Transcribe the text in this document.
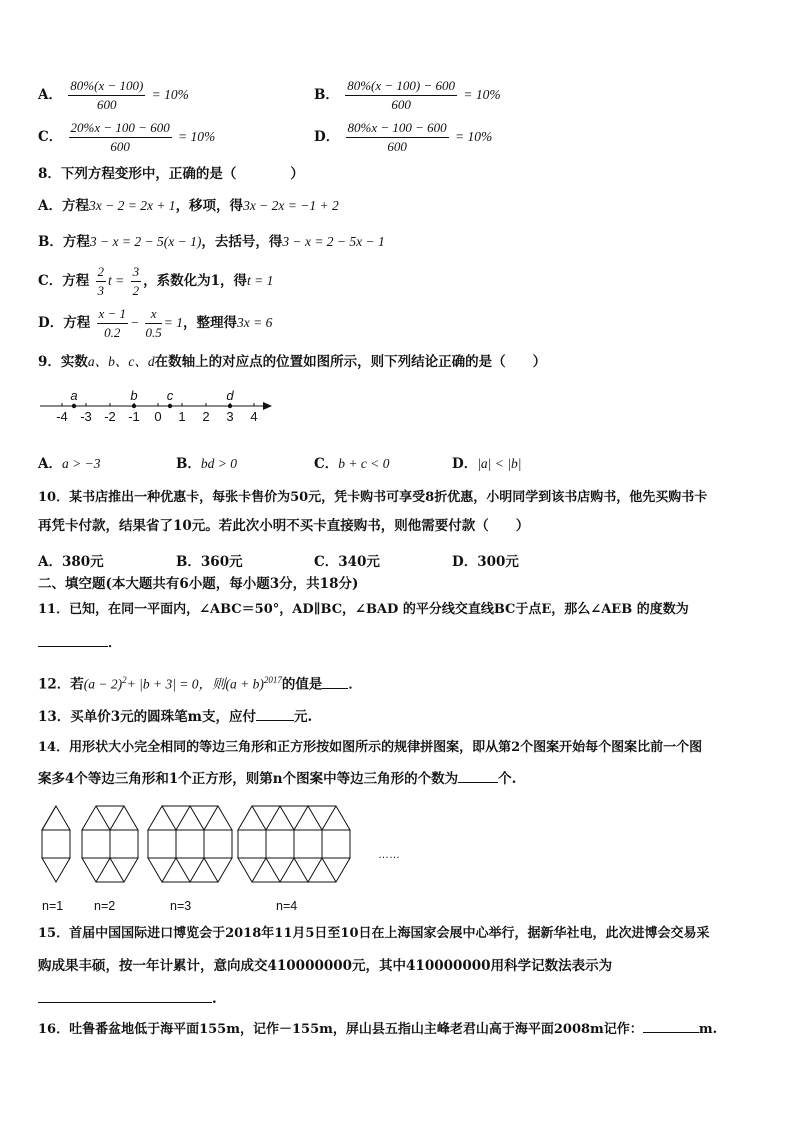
A． $\frac{80\%(x - 100)}{600} = 10\%$	B． $\frac{80\%(x - 100) - 600}{600} = 10\%$
C． $\frac{20\%x - 100 - 600}{600} = 10\%$	D． $\frac{80\%x - 100 - 600}{600} = 10\%$
8．下列方程变形中，正确的是（　　　　）
A．方程3x − 2 = 2x + 1，移项，得3x − 2x = −1 + 2
B．方程3 − x = 2 − 5(x − 1)，去括号，得3 − x = 2 − 5x − 1
C．方程 $\frac{2}{3}$ $t = \frac{3}{2}$ ，系数化为1，得t = 1
D．方程 $\frac{x - 1}{0.2} - \frac{x}{0.5} = 1$，整理得3x = 6
9．实数a、b、c、d在数轴上的对应点的位置如图所示，则下列结论正确的是（　　）
-4 -3 -2 -1 0 1 2 3 4
a	b c	d
A．a > −3	B．bd > 0	C．b + c < 0	D．|a| < |b|
10．某书店推出一种优惠卡，每张卡售价为50元，凭卡购书可享受8折优惠，小明同学到该书店购书，他先买购书卡
再凭卡付款，结果省了10元。若此次小明不买卡直接购书，则他需要付款（　　）
A．380元	B．360元	C．340元	D．300元
二、填空题(本大题共有6小题，每小题3分，共18分)
11．已知，在同一平面内，∠ABC＝50°，AD∥BC，∠BAD 的平分线交直线BC于点E，那么∠AEB 的度数为
．
12．若$(a - 2)^2+ |b + 3| = 0$，则$(a + b)^{2017}$的值是 ．
13．买单价3元的圆珠笔m支，应付	元.
14．用形状大小完全相同的等边三角形和正方形按如图所示的规律拼图案，即从第2个图案开始每个图案比前一个图
案多4个等边三角形和1个正方形，则第n个图案中等边三角形的个数为	个.
……
n=1 n=2	n=3	n=4
15．首届中国国际进口博览会于2018年11月5日至10日在上海国家会展中心举行，据新华社电，此次进博会交易采
购成果丰硕，按一年计累计，意向成交410000000元，其中410000000用科学记数法表示为
.
16．吐鲁番盆地低于海平面155m，记作－155m，屏山县五指山主峰老君山高于海平面2008m记作：	m.
